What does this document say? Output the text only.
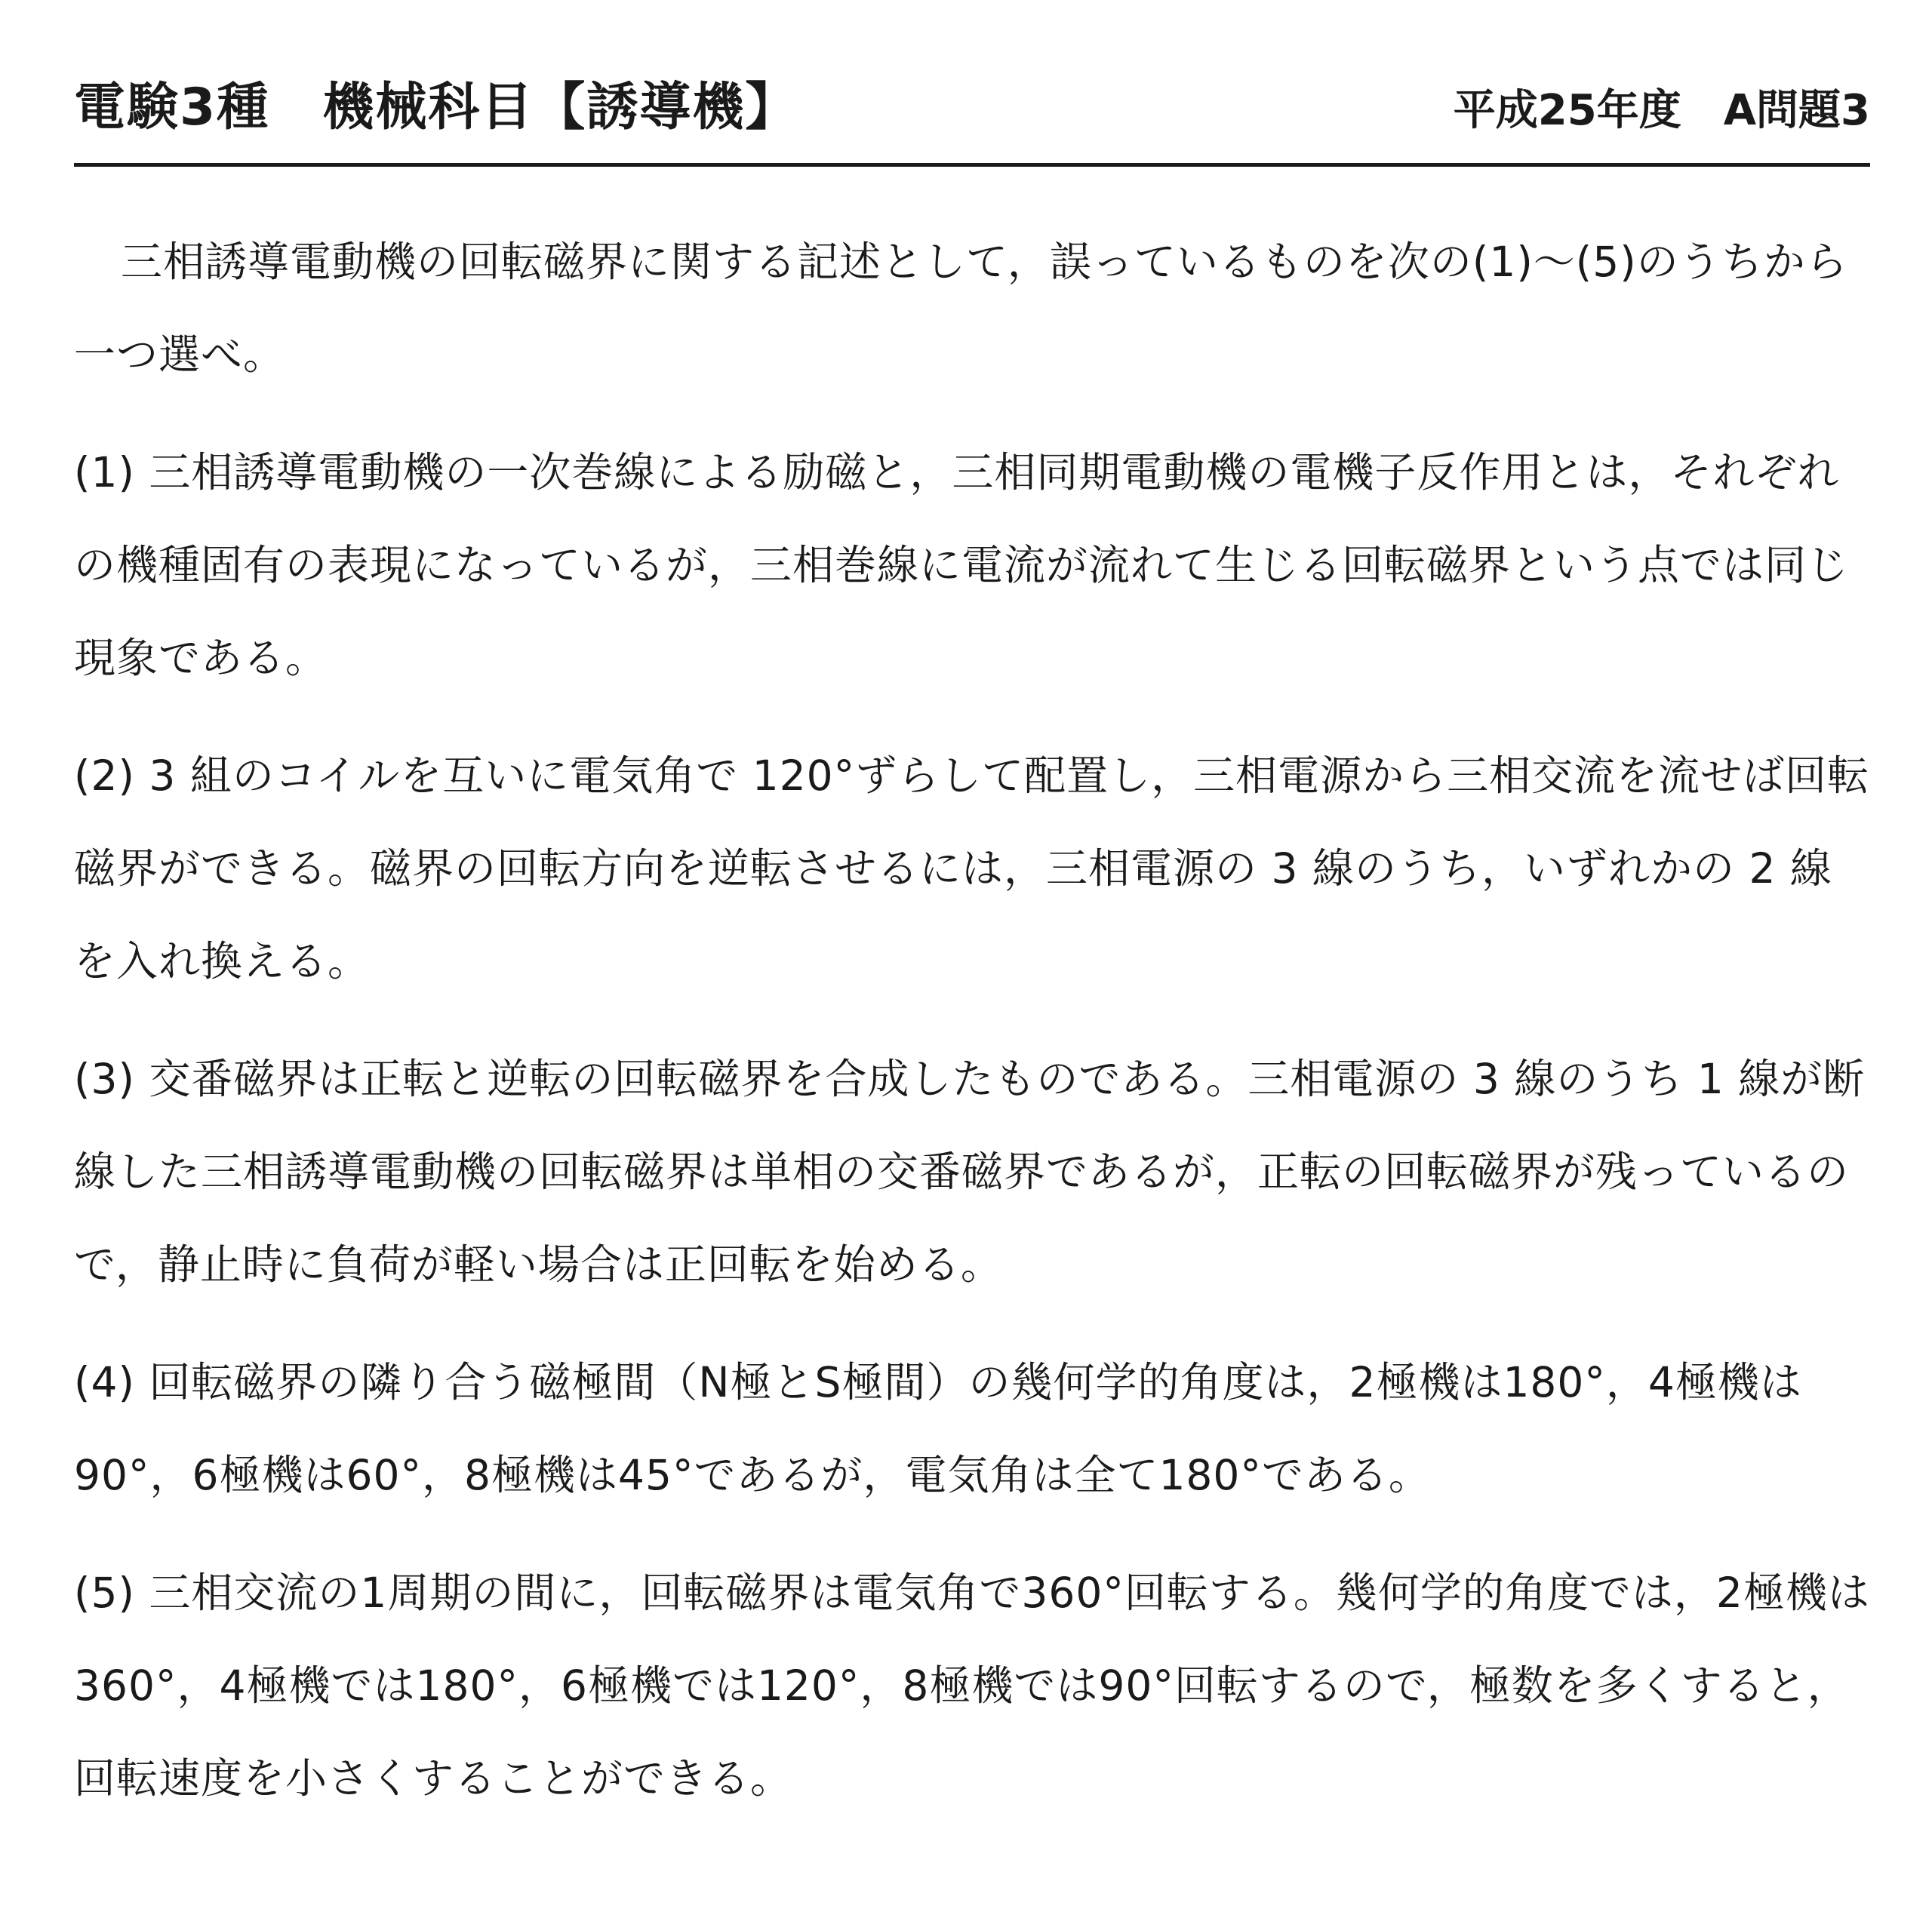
電験3種　機械科目【誘導機】	平成25年度　A問題3

三相誘導電動機の回転磁界に関する記述として，誤っているものを次の(1)〜(5)のうちから一つ選べ。

(1) 三相誘導電動機の一次巻線による励磁と，三相同期電動機の電機子反作用とは，それぞれの機種固有の表現になっているが，三相巻線に電流が流れて生じる回転磁界という点では同じ現象である。

(2) 3 組のコイルを互いに電気角で 120°ずらして配置し，三相電源から三相交流を流せば回転磁界ができる。磁界の回転方向を逆転させるには，三相電源の 3 線のうち，いずれかの 2 線を入れ換える。

(3) 交番磁界は正転と逆転の回転磁界を合成したものである。三相電源の 3 線のうち 1 線が断線した三相誘導電動機の回転磁界は単相の交番磁界であるが，正転の回転磁界が残っているので，静止時に負荷が軽い場合は正回転を始める。

(4) 回転磁界の隣り合う磁極間（N極とS極間）の幾何学的角度は，2極機は180°，4極機は90°，6極機は60°，8極機は45°であるが，電気角は全て180°である。

(5) 三相交流の1周期の間に，回転磁界は電気角で360°回転する。幾何学的角度では，2極機は360°，4極機では180°，6極機では120°，8極機では90°回転するので，極数を多くすると，回転速度を小さくすることができる。
